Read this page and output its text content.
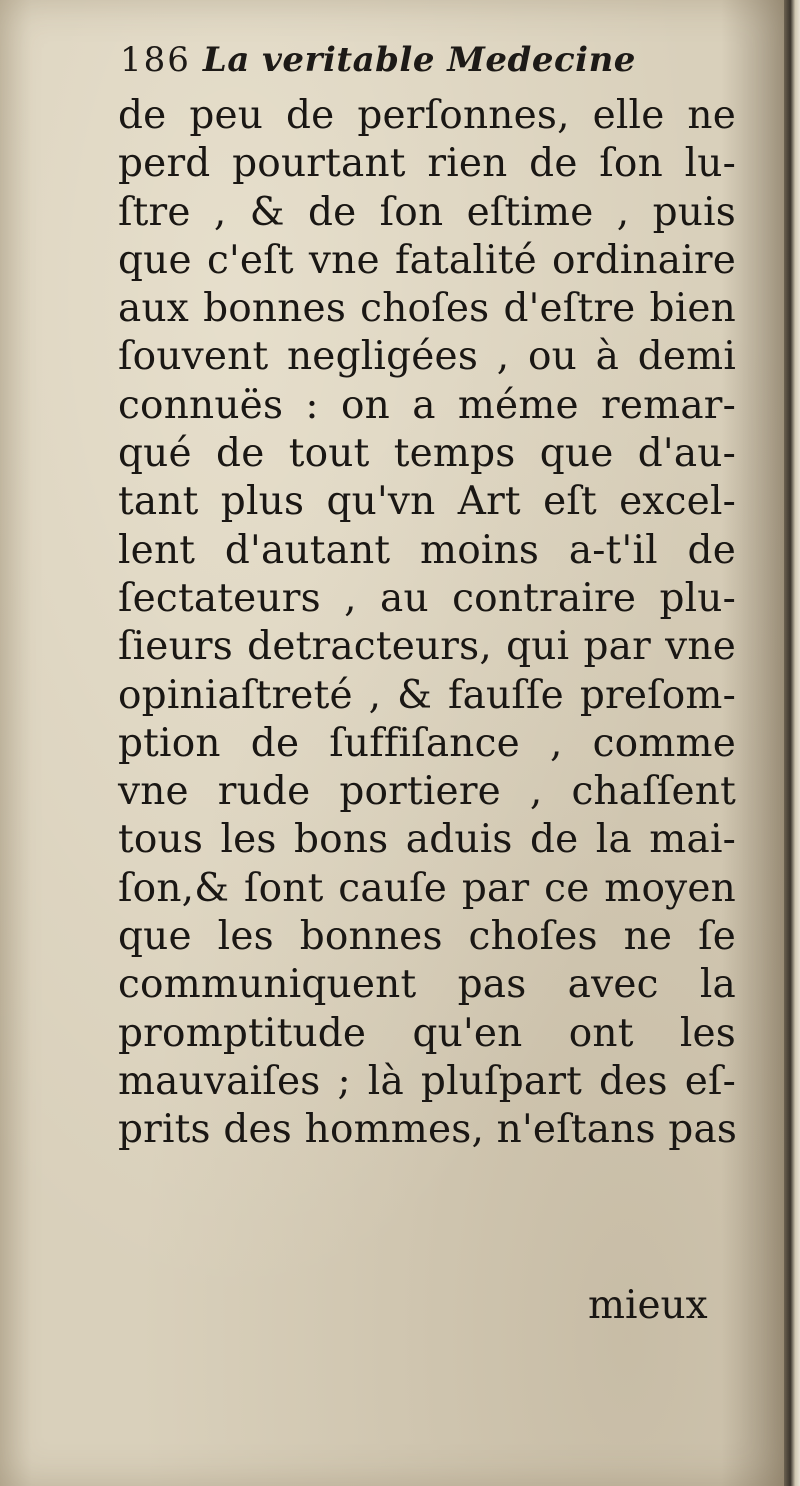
186 La veritable Medecine
de peu de perſonnes, elle ne
perd pourtant rien de ſon lu-
ſtre , & de ſon eſtime , puis
que c'eſt vne fatalité ordinaire
aux bonnes choſes d'eſtre bien
ſouvent negligées , ou à demi
connuës : on a méme remar-
qué de tout temps que d'au-
tant plus qu'vn Art eſt excel-
lent d'autant moins a-t'il de
ſectateurs , au contraire plu-
ſieurs detracteurs, qui par vne
opiniaſtreté , & fauſſe preſom-
ption de ſuffiſance , comme
vne rude portiere , chaſſent
tous les bons aduis de la mai-
ſon,& ſont cauſe par ce moyen
que les bonnes choſes ne ſe
communiquent pas avec la
promptitude qu'en ont les
mauvaiſes ; là pluſpart des eſ-
prits des hommes, n'eſtans pas
mieux
